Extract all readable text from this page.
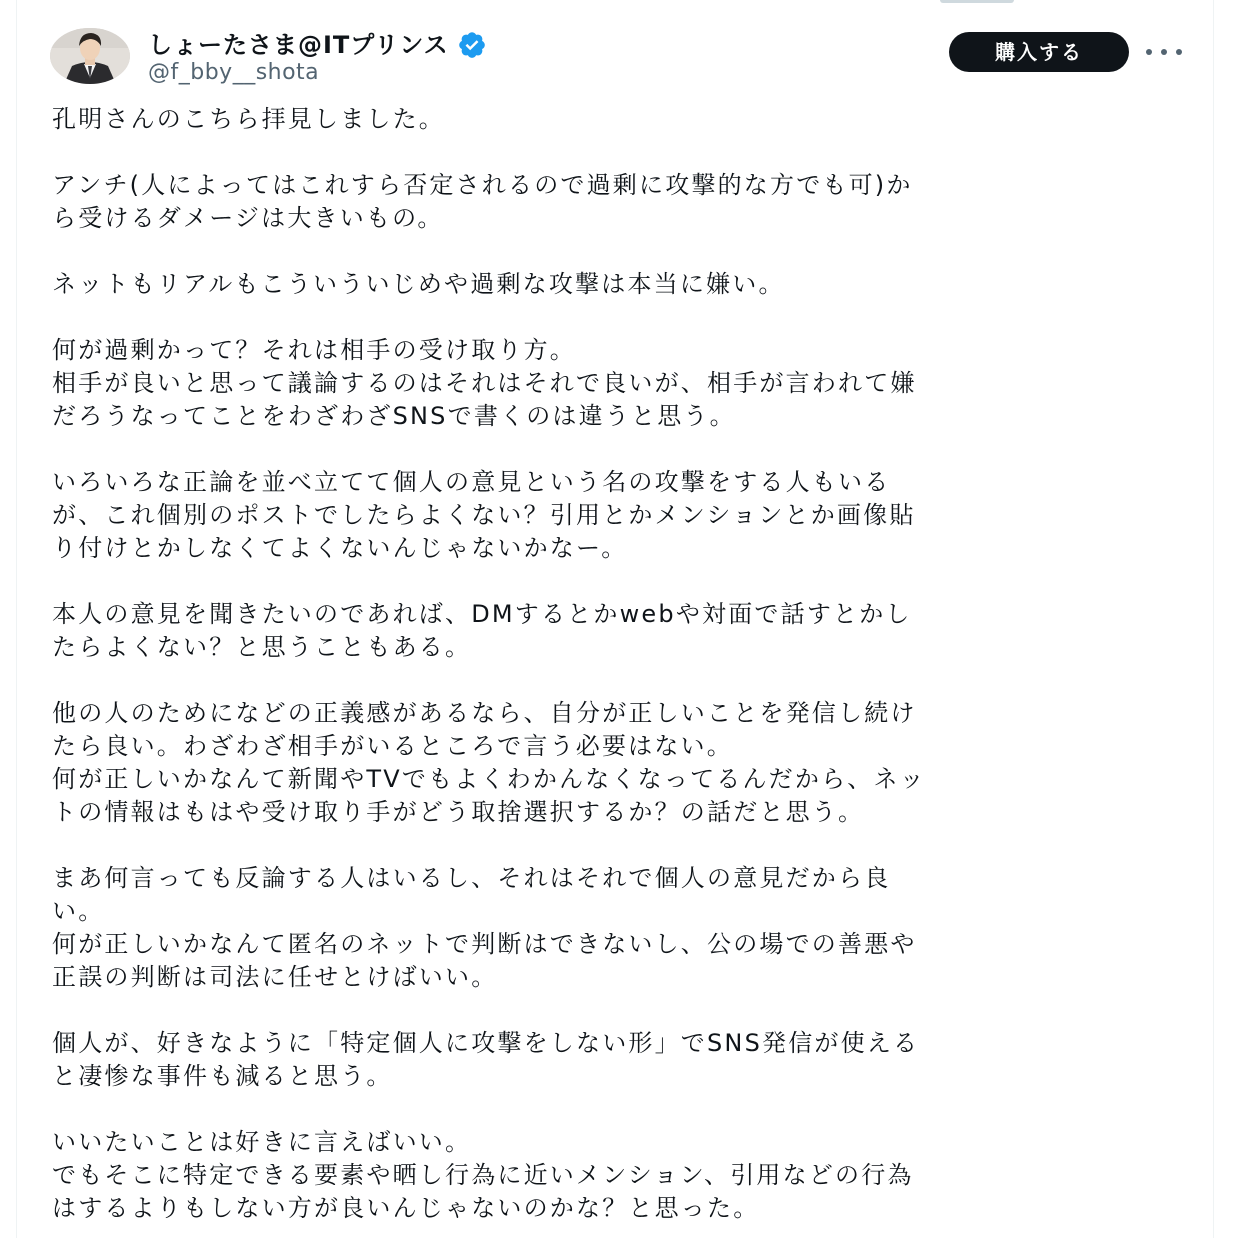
しょーたさま@ITプリンス
@f_bby__shota
購入する
孔明さんのこちら拝見しました。
アンチ(人によってはこれすら否定されるので過剰に攻撃的な方でも可)か
ら受けるダメージは大きいもの。
ネットもリアルもこういういじめや過剰な攻撃は本当に嫌い。
何が過剰かって？それは相手の受け取り方。
相手が良いと思って議論するのはそれはそれで良いが、相手が言われて嫌
だろうなってことをわざわざSNSで書くのは違うと思う。
いろいろな正論を並べ立てて個人の意見という名の攻撃をする人もいる
が、これ個別のポストでしたらよくない？引用とかメンションとか画像貼
り付けとかしなくてよくないんじゃないかなー。
本人の意見を聞きたいのであれば、DMするとかwebや対面で話すとかし
たらよくない？と思うこともある。
他の人のためになどの正義感があるなら、自分が正しいことを発信し続け
たら良い。わざわざ相手がいるところで言う必要はない。
何が正しいかなんて新聞やTVでもよくわかんなくなってるんだから、ネッ
トの情報はもはや受け取り手がどう取捨選択するか？の話だと思う。
まあ何言っても反論する人はいるし、それはそれで個人の意見だから良
い。
何が正しいかなんて匿名のネットで判断はできないし、公の場での善悪や
正誤の判断は司法に任せとけばいい。
個人が、好きなように「特定個人に攻撃をしない形」でSNS発信が使える
と凄惨な事件も減ると思う。
いいたいことは好きに言えばいい。
でもそこに特定できる要素や晒し行為に近いメンション、引用などの行為
はするよりもしない方が良いんじゃないのかな？と思った。
